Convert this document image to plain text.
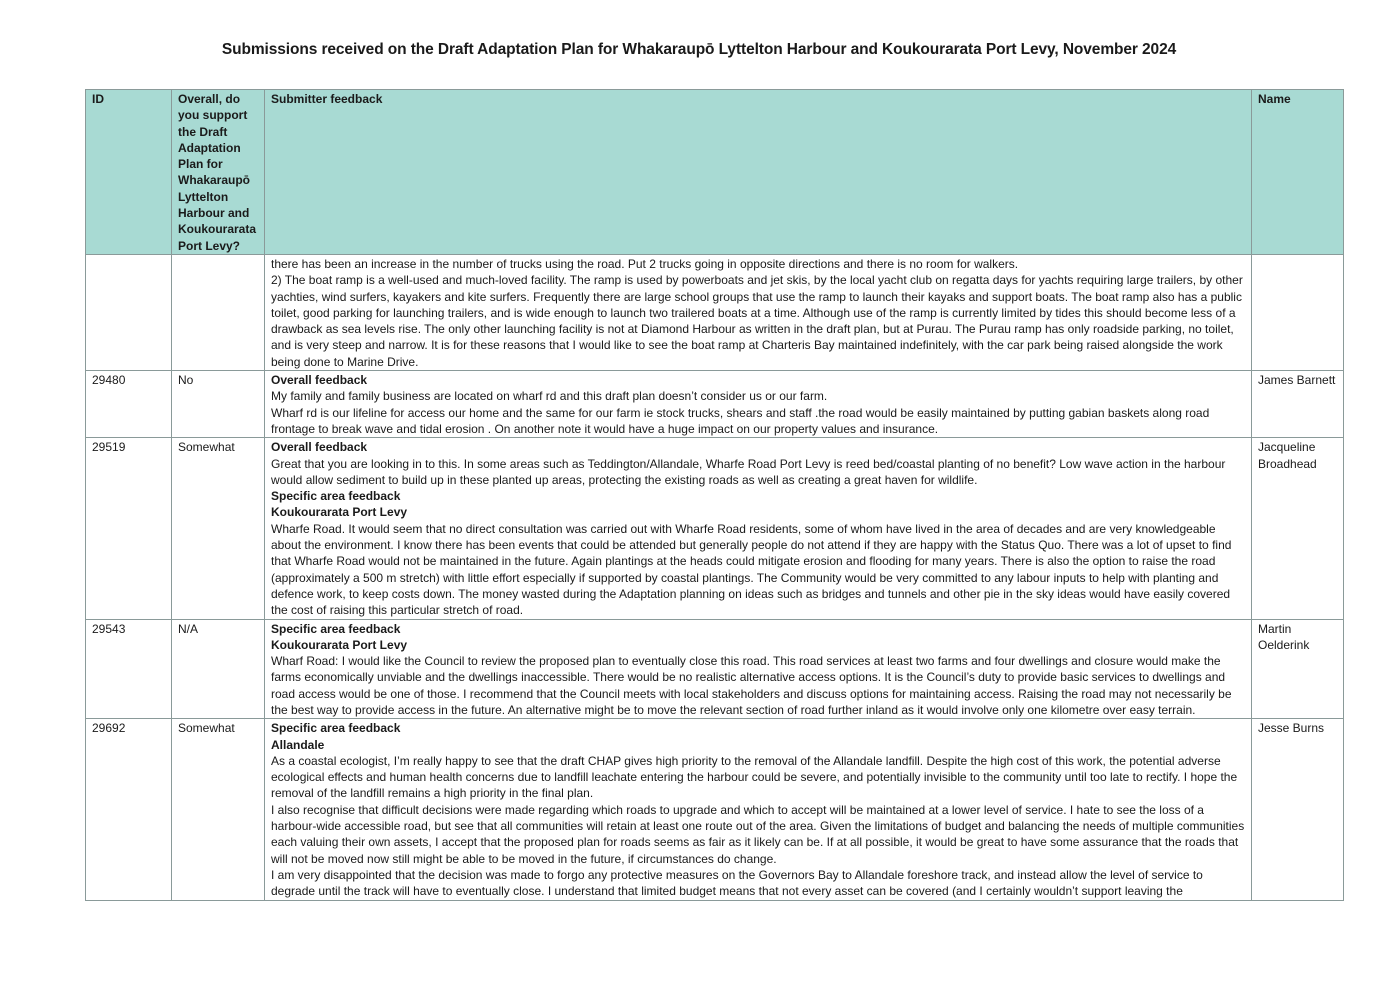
Submissions received on the Draft Adaptation Plan for Whakaraupō Lyttelton Harbour and Koukourarata Port Levy, November 2024
ID	Overall, do you support the Draft Adaptation Plan for Whakaraupō Lyttelton Harbour and Koukourarata Port Levy?	Submitter feedback	Name

		there has been an increase in the number of trucks using the road. Put 2 trucks going in opposite directions and there is no room for walkers.
2) The boat ramp is a well-used and much-loved facility. The ramp is used by powerboats and jet skis, by the local yacht club on regatta days for yachts requiring large trailers, by other yachties, wind surfers, kayakers and kite surfers. Frequently there are large school groups that use the ramp to launch their kayaks and support boats. The boat ramp also has a public toilet, good parking for launching trailers, and is wide enough to launch two trailered boats at a time. Although use of the ramp is currently limited by tides this should become less of a drawback as sea levels rise. The only other launching facility is not at Diamond Harbour as written in the draft plan, but at Purau. The Purau ramp has only roadside parking, no toilet, and is very steep and narrow. It is for these reasons that I would like to see the boat ramp at Charteris Bay maintained indefinitely, with the car park being raised alongside the work being done to Marine Drive.	

29480	No	Overall feedback
My family and family business are located on wharf rd and this draft plan doesn’t consider us or our farm.
Wharf rd is our lifeline for access our home and the same for our farm ie stock trucks, shears and staff .the road would be easily maintained by putting gabian baskets along road frontage to break wave and tidal erosion . On another note it would have a huge impact on our property values and insurance.	James Barnett
29519	Somewhat	Overall feedback
Great that you are looking in to this. In some areas such as Teddington/Allandale, Wharfe Road Port Levy is reed bed/coastal planting of no benefit? Low wave action in the harbour would allow sediment to build up in these planted up areas, protecting the existing roads as well as creating a great haven for wildlife.
Specific area feedback
Koukourarata Port Levy
Wharfe Road. It would seem that no direct consultation was carried out with Wharfe Road residents, some of whom have lived in the area of decades and are very knowledgeable about the environment. I know there has been events that could be attended but generally people do not attend if they are happy with the Status Quo. There was a lot of upset to find that Wharfe Road would not be maintained in the future. Again plantings at the heads could mitigate erosion and flooding for many years. There is also the option to raise the road (approximately a 500 m stretch) with little effort especially if supported by coastal plantings. The Community would be very committed to any labour inputs to help with planting and defence work, to keep costs down. The money wasted during the Adaptation planning on ideas such as bridges and tunnels and other pie in the sky ideas would have easily covered the cost of raising this particular stretch of road.	Jacqueline Broadhead
29543	N/A	Specific area feedback
Koukourarata Port Levy
Wharf Road: I would like the Council to review the proposed plan to eventually close this road. This road services at least two farms and four dwellings and closure would make the farms economically unviable and the dwellings inaccessible. There would be no realistic alternative access options. It is the Council’s duty to provide basic services to dwellings and road access would be one of those. I recommend that the Council meets with local stakeholders and discuss options for maintaining access. Raising the road may not necessarily be the best way to provide access in the future. An alternative might be to move the relevant section of road further inland as it would involve only one kilometre over easy terrain.	Martin Oelderink
29692	Somewhat	Specific area feedback
Allandale
As a coastal ecologist, I’m really happy to see that the draft CHAP gives high priority to the removal of the Allandale landfill. Despite the high cost of this work, the potential adverse ecological effects and human health concerns due to landfill leachate entering the harbour could be severe, and potentially invisible to the community until too late to rectify. I hope the removal of the landfill remains a high priority in the final plan.
I also recognise that difficult decisions were made regarding which roads to upgrade and which to accept will be maintained at a lower level of service. I hate to see the loss of a harbour-wide accessible road, but see that all communities will retain at least one route out of the area. Given the limitations of budget and balancing the needs of multiple communities each valuing their own assets, I accept that the proposed plan for roads seems as fair as it likely can be. If at all possible, it would be great to have some assurance that the roads that will not be moved now still might be able to be moved in the future, if circumstances do change.
I am very disappointed that the decision was made to forgo any protective measures on the Governors Bay to Allandale foreshore track, and instead allow the level of service to degrade until the track will have to eventually close. I understand that limited budget means that not every asset can be covered (and I certainly wouldn’t support leaving the	Jesse Burns
